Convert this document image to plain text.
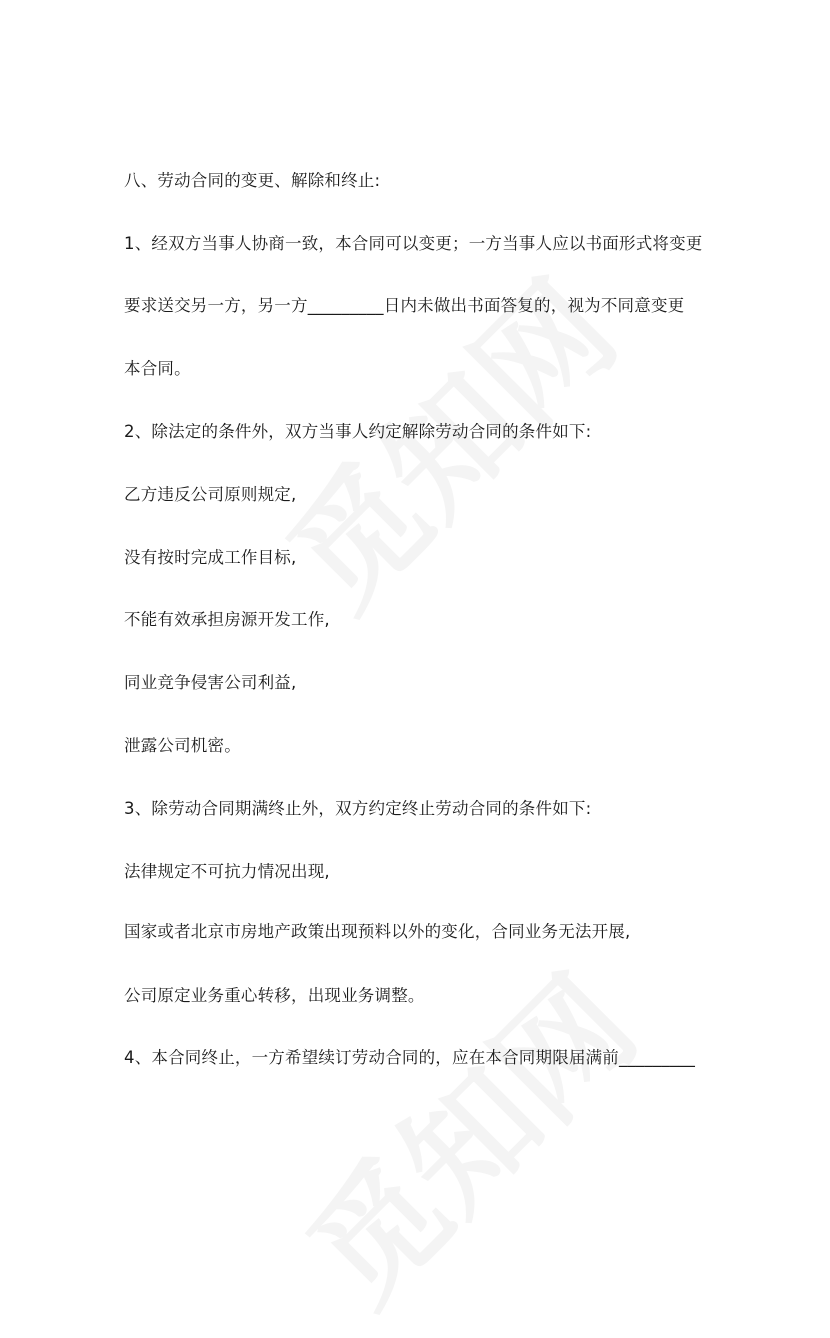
八、劳动合同的变更、解除和终止:
1、经双方当事人协商一致，本合同可以变更；一方当事人应以书面形式将变更
要求送交另一方，另一方_________日内未做出书面答复的，视为不同意变更
本合同。
2、除法定的条件外，双方当事人约定解除劳动合同的条件如下:
乙方违反公司原则规定,
没有按时完成工作目标,
不能有效承担房源开发工作,
同业竞争侵害公司利益,
泄露公司机密。
3、除劳动合同期满终止外，双方约定终止劳动合同的条件如下:
法律规定不可抗力情况出现,
国家或者北京市房地产政策出现预料以外的变化，合同业务无法开展,
公司原定业务重心转移，出现业务调整。
4、本合同终止，一方希望续订劳动合同的，应在本合同期限届满前_________
